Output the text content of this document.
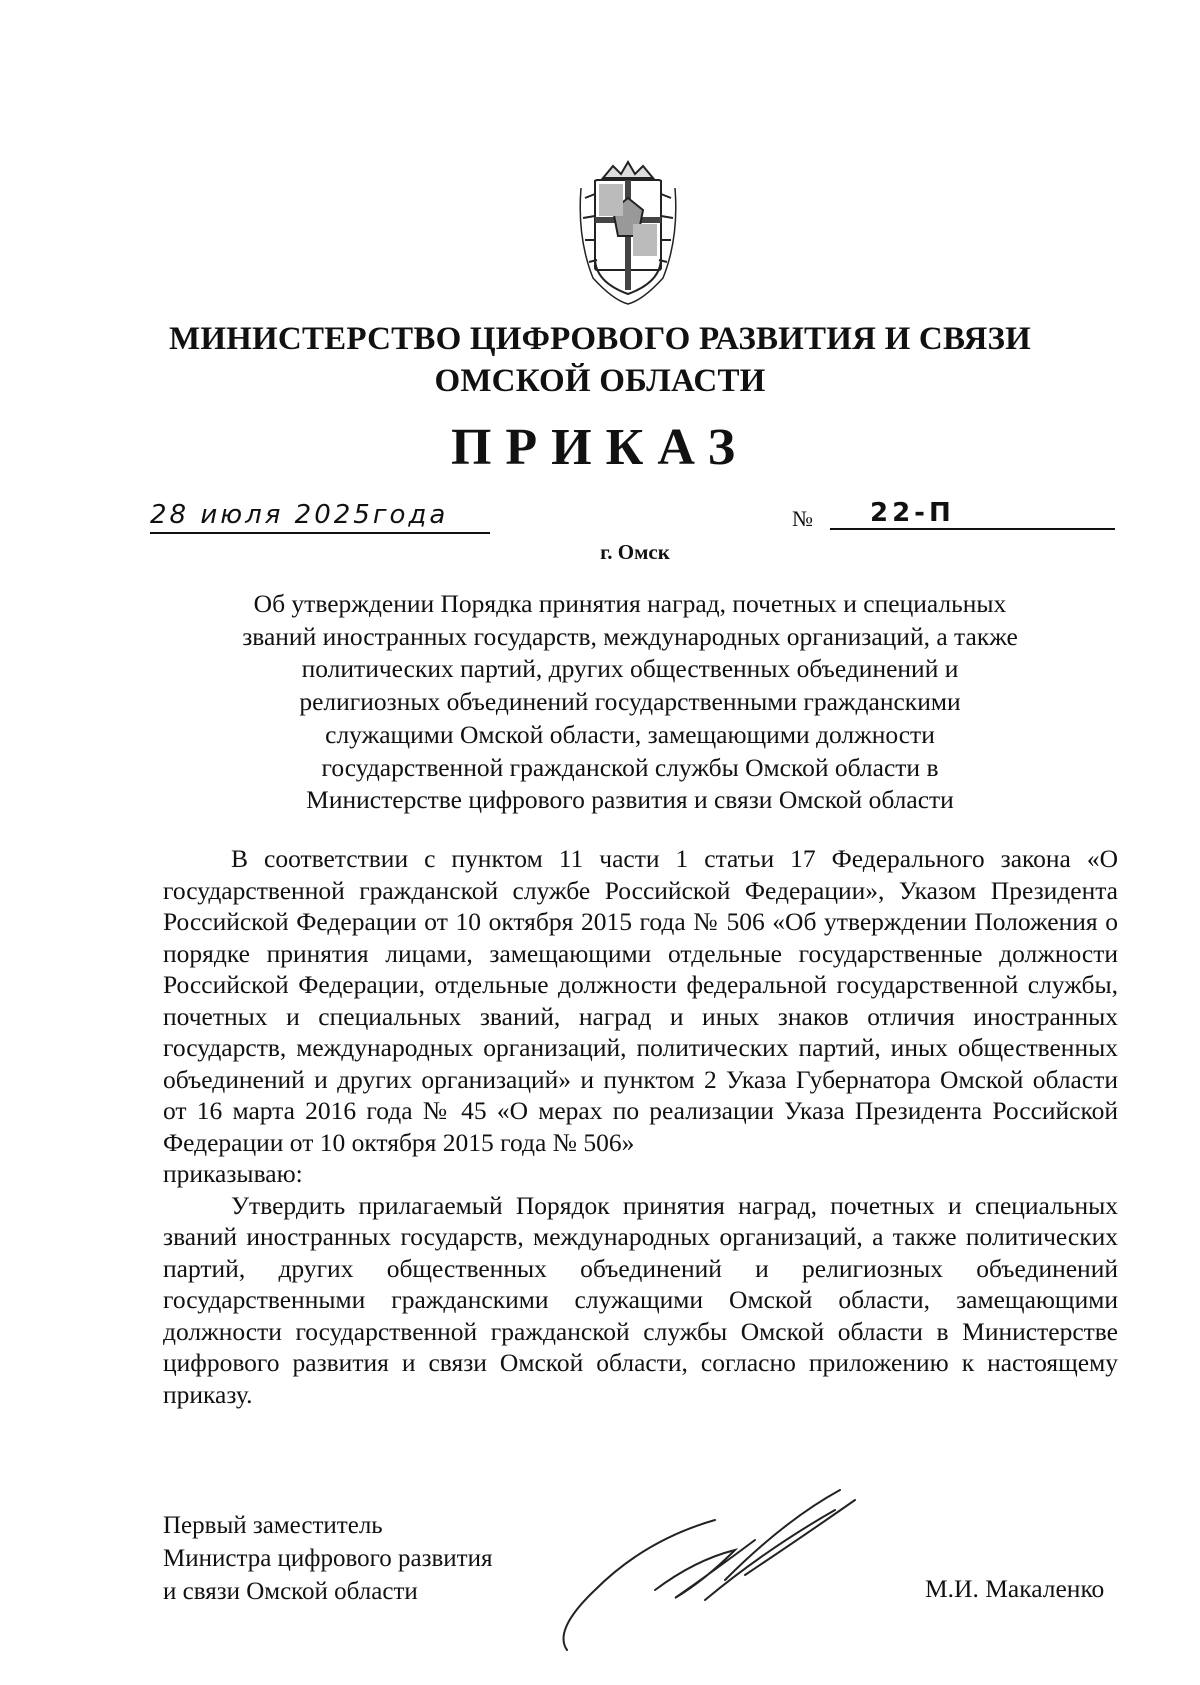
МИНИСТЕРСТВО ЦИФРОВОГО РАЗВИТИЯ И СВЯЗИ
ОМСКОЙ ОБЛАСТИ
ПРИКАЗ
28 июля 2025года	№ 22-П
г. Омск
Об утверждении Порядка принятия наград, почетных и специальных
званий иностранных государств, международных организаций, а также
политических партий, других общественных объединений и
религиозных объединений государственными гражданскими
служащими Омской области, замещающими должности
государственной гражданской службы Омской области в
Министерстве цифрового развития и связи Омской области

В соответствии с пунктом 11 части 1 статьи 17 Федерального закона «О государственной гражданской службе Российской Федерации», Указом Президента Российской Федерации от 10 октября 2015 года № 506 «Об утверждении Положения о порядке принятия лицами, замещающими отдельные государственные должности Российской Федерации, отдельные должности федеральной государственной службы, почетных и специальных званий, наград и иных знаков отличия иностранных государств, международных организаций, политических партий, иных общественных объединений и других организаций» и пунктом 2 Указа Губернатора Омской области от 16 марта 2016 года № 45 «О мерах по реализации Указа Президента Российской Федерации от 10 октября 2015 года № 506»

приказываю:

Утвердить прилагаемый Порядок принятия наград, почетных и специальных званий иностранных государств, международных организаций, а также политических партий, других общественных объединений и религиозных объединений государственными гражданскими служащими Омской области, замещающими должности государственной гражданской службы Омской области в Министерстве цифрового развития и связи Омской области, согласно приложению к настоящему приказу.

Первый заместитель
Министра цифрового развития
и связи Омской области	М.И. Макаленко
